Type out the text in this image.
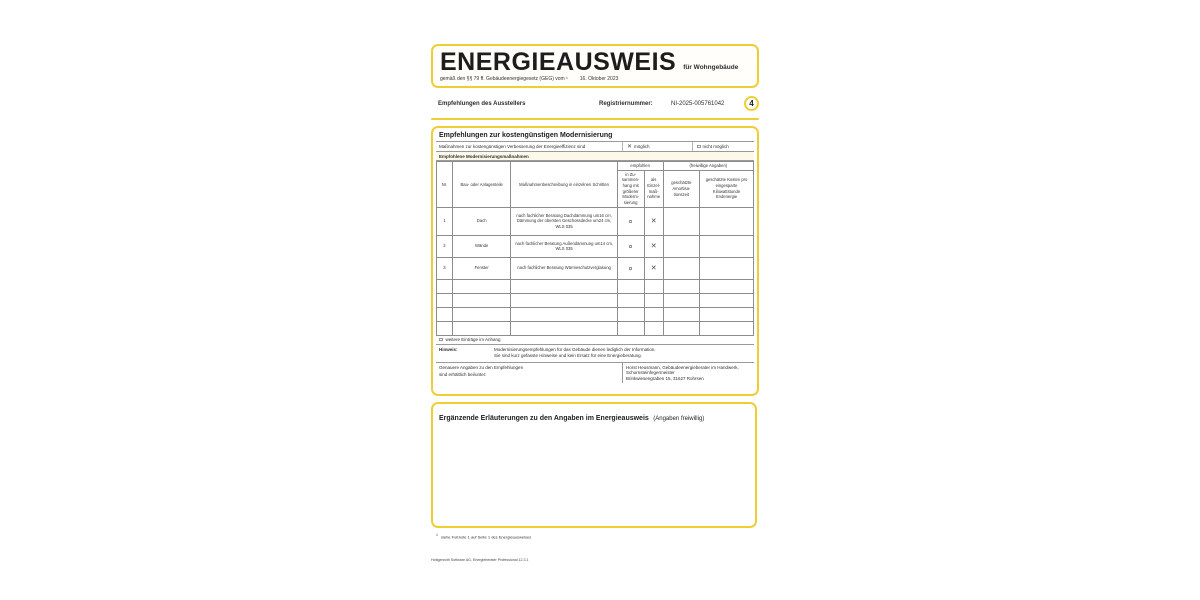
ENERGIEAUSWEIS für Wohngebäude
gemäß den §§ 79 ff. Gebäudeenergiegesetz (GEG) vom ¹ 16. Oktober 2023
Empfehlungen des Ausstellers	Registriernummer:	NI-2025-005761042	4
Empfehlungen zur kostengünstigen Modernisierung
Maßnahmen zur kostengünstigen Verbesserung der Energieeffizienz sind	✕ möglich	nicht möglich
Empfohlene Modernisierungsmaßnahmen
Nr.	Bau- oder Anlagenteile	Maßnahmenbeschreibung in einzelnen Schritten	empfohlen		(freiwillige Angaben)	
			in Zusammenhang mit größerer Modernisierung	als Einzelmaßnahme	geschätzte Amortisationszeit	geschätzte Kosten pro eingesparte Kilowattstunde Endenergie
1	Dach	nach fachlicher Beratung Dachdämmung um16 cm, Dämmung der obersten Geschossdecke um24 cm, WLS 035		✕		
2	Wände	nach fachlicher Beratung Außendämmung um14 cm, WLS 035		✕		
3	Fenster	nach fachlicher Beratung Wärmeschutzverglasung		✕		

weitere Einträge im Anhang
Hinweis:	Modernisierungsempfehlungen für das Gebäude dienen lediglich der Information.
Sie sind kurz gefasste Hinweise und kein Ersatz für eine Energieberatung.
Genauere Angaben zu den Empfehlungen
sind erhältlich bei/unter:
Horst Heusmann, Gebäudeenergieberater im Handwerk, Schornsteinfegermeister
Brinkwiesengraben 15, 31627 Rohrsen
Ergänzende Erläuterungen zu den Angaben im Energieausweis (Angaben freiwillig)
$^1$ siehe Fußnote 1 auf Seite 1 des Energieausweises
Hottgenroth Software AG, Energieberater Professional 12.3.1
